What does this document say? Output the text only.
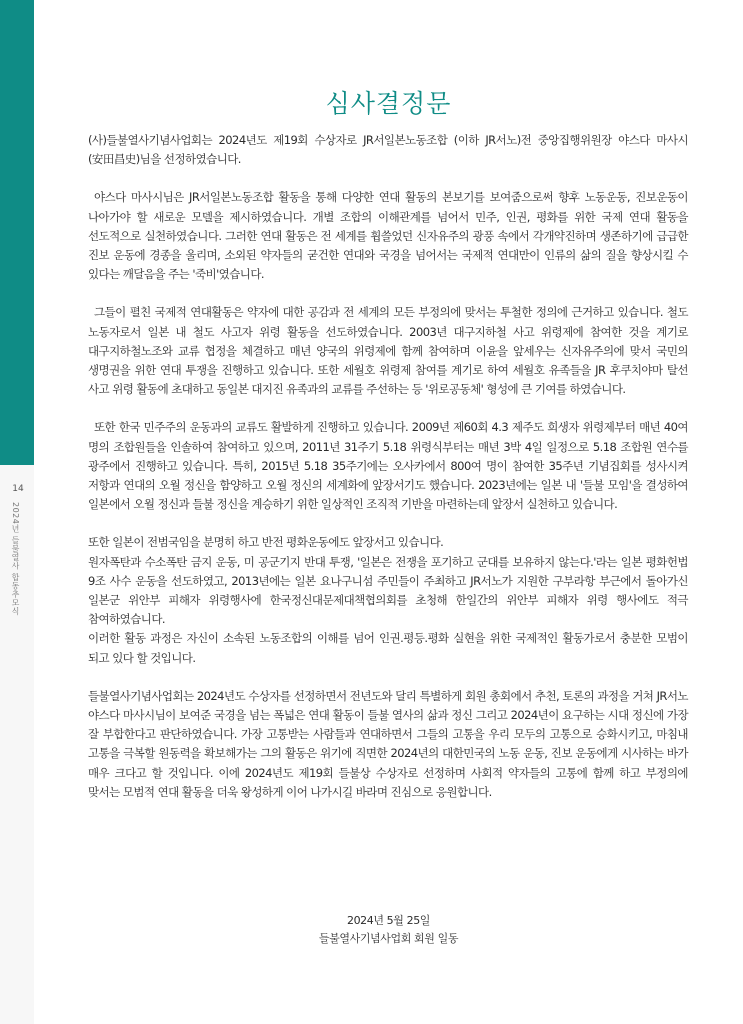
14
2024년 들불열사 합동추모식
심사결정문

(사)들불열사기념사업회는 2024년도 제19회 수상자로 JR서일본노동조합 (이하 JR서노)전 중앙집행위원장 야스다 마사시 (安田昌史)님을 선정하였습니다.

야스다 마사시님은 JR서일본노동조합 활동을 통해 다양한 연대 활동의 본보기를 보여줌으로써 향후 노동운동, 진보운동이 나아가야 할 새로운 모델을 제시하였습니다. 개별 조합의 이해관계를 넘어서 민주, 인권, 평화를 위한 국제 연대 활동을 선도적으로 실천하였습니다. 그러한 연대 활동은 전 세계를 휩쓸었던 신자유주의 광풍 속에서 각개약진하며 생존하기에 급급한 진보 운동에 경종을 울리며, 소외된 약자들의 굳건한 연대와 국경을 넘어서는 국제적 연대만이 인류의 삶의 질을 향상시킬 수 있다는 깨달음을 주는 '죽비'였습니다.

그들이 펼친 국제적 연대활동은 약자에 대한 공감과 전 세계의 모든 부정의에 맞서는 투철한 정의에 근거하고 있습니다. 철도 노동자로서 일본 내 철도 사고자 위령 활동을 선도하였습니다. 2003년 대구지하철 사고 위령제에 참여한 것을 계기로 대구지하철노조와 교류 협정을 체결하고 매년 양국의 위령제에 함께 참여하며 이윤을 앞세우는 신자유주의에 맞서 국민의 생명권을 위한 연대 투쟁을 진행하고 있습니다. 또한 세월호 위령제 참여를 계기로 하여 세월호 유족들을 JR 후쿠치야마 탈선 사고 위령 활동에 초대하고 동일본 대지진 유족과의 교류를 주선하는 등 '위로공동체' 형성에 큰 기여를 하였습니다.

또한 한국 민주주의 운동과의 교류도 활발하게 진행하고 있습니다. 2009년 제60회 4.3 제주도 희생자 위령제부터 매년 40여 명의 조합원들을 인솔하여 참여하고 있으며, 2011년 31주기 5.18 위령식부터는 매년 3박 4일 일정으로 5.18 조합원 연수를 광주에서 진행하고 있습니다. 특히, 2015년 5.18 35주기에는 오사카에서 800여 명이 참여한 35주년 기념집회를 성사시켜 저항과 연대의 오월 정신을 함양하고 오월 정신의 세계화에 앞장서기도 했습니다. 2023년에는 일본 내 '들불 모임'을 결성하여 일본에서 오월 정신과 들불 정신을 계승하기 위한 일상적인 조직적 기반을 마련하는데 앞장서 실천하고 있습니다.

또한 일본이 전범국임을 분명히 하고 반전 평화운동에도 앞장서고 있습니다.

원자폭탄과 수소폭탄 금지 운동, 미 공군기지 반대 투쟁, '일본은 전쟁을 포기하고 군대를 보유하지 않는다.'라는 일본 평화헌법 9조 사수 운동을 선도하였고, 2013년에는 일본 요나구니섬 주민들이 주최하고 JR서노가 지원한 구부라항 부근에서 돌아가신 일본군 위안부 피해자 위령행사에 한국정신대문제대책협의회를 초청해 한일간의 위안부 피해자 위령 행사에도 적극 참여하였습니다.

이러한 활동 과정은 자신이 소속된 노동조합의 이해를 넘어 인권.평등.평화 실현을 위한 국제적인 활동가로서 충분한 모범이 되고 있다 할 것입니다.

들불열사기념사업회는 2024년도 수상자를 선정하면서 전년도와 달리 특별하게 회원 총회에서 추천, 토론의 과정을 거쳐 JR서노 야스다 마사시님이 보여준 국경을 넘는 폭넓은 연대 활동이 들불 열사의 삶과 정신 그리고 2024년이 요구하는 시대 정신에 가장 잘 부합한다고 판단하였습니다. 가장 고통받는 사람들과 연대하면서 그들의 고통을 우리 모두의 고통으로 승화시키고, 마침내 고통을 극복할 원동력을 확보해가는 그의 활동은 위기에 직면한 2024년의 대한민국의 노동 운동, 진보 운동에게 시사하는 바가 매우 크다고 할 것입니다. 이에 2024년도 제19회 들불상 수상자로 선정하며 사회적 약자들의 고통에 함께 하고 부정의에 맞서는 모범적 연대 활동을 더욱 왕성하게 이어 나가시길 바라며 진심으로 응원합니다.

2024년 5월 25일
들불열사기념사업회 회원 일동
